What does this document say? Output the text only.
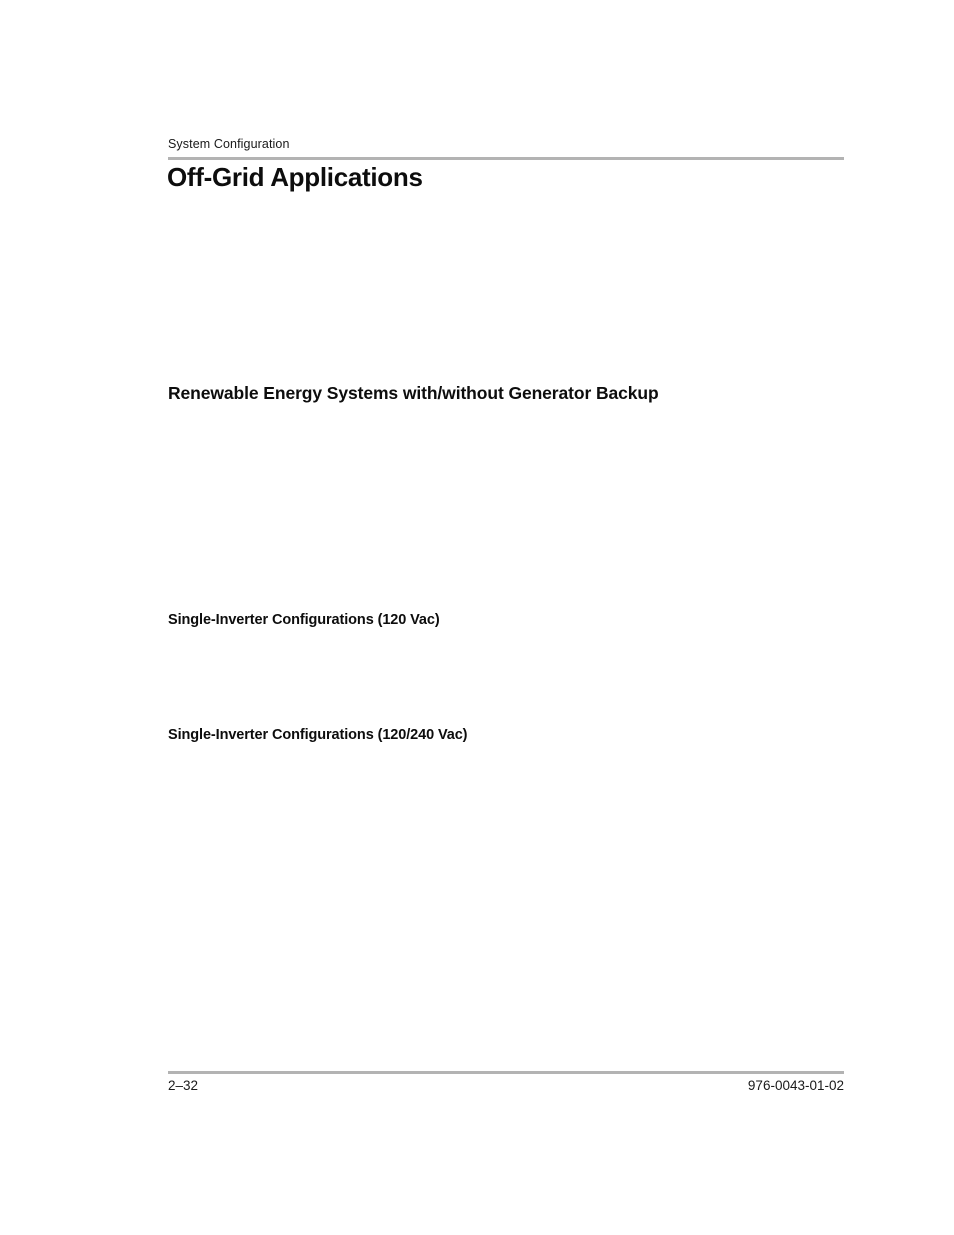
System Configuration
Off-Grid Applications
Renewable Energy Systems with/without Generator Backup
Single-Inverter Configurations (120 Vac)
Single-Inverter Configurations (120/240 Vac)
2–32	976-0043-01-02
